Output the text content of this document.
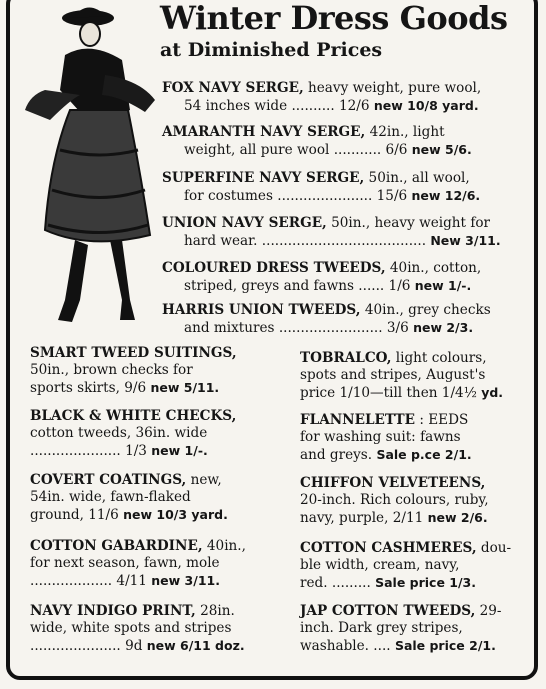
Winter Dress Goods
at Diminished Prices
FOX NAVY SERGE, heavy weight, pure wool,
54 inches wide .......... 12/6 new 10/8 yard.
AMARANTH NAVY SERGE, 42in., light
weight, all pure wool ........... 6/6 new 5/6.
SUPERFINE NAVY SERGE, 50in., all wool,
for costumes ...................... 15/6 new 12/6.
UNION NAVY SERGE, 50in., heavy weight for
hard wear. ...................................... New 3/11.
COLOURED DRESS TWEEDS, 40in., cotton,
striped, greys and fawns ...... 1/6 new 1/-.
HARRIS UNION TWEEDS, 40in., grey checks
and mixtures ........................ 3/6 new 2/3.
SMART TWEED SUITINGS,
50in., brown checks for
sports skirts, 9/6 new 5/11.
BLACK & WHITE CHECKS,
cotton tweeds, 36in. wide
..................... 1/3 new 1/-.
COVERT COATINGS, new,
54in. wide, fawn-flaked
ground, 11/6 new 10/3 yard.
COTTON GABARDINE, 40in.,
for next season, fawn, mole
................... 4/11 new 3/11.
NAVY INDIGO PRINT, 28in.
wide, white spots and stripes
..................... 9d new 6/11 doz.
TOBRALCO, light colours,
spots and stripes, August's
price 1/10—till then 1/4½ yd.
FLANNELETTE : EEDS
for washing suit: fawns
and greys. Sale p.ce 2/1.
CHIFFON VELVETEENS,
20-inch. Rich colours, ruby,
navy, purple, 2/11 new 2/6.
COTTON CASHMERES, dou-
ble width, cream, navy,
red. ......... Sale price 1/3.
JAP COTTON TWEEDS, 29-
inch. Dark grey stripes,
washable. .... Sale price 2/1.
